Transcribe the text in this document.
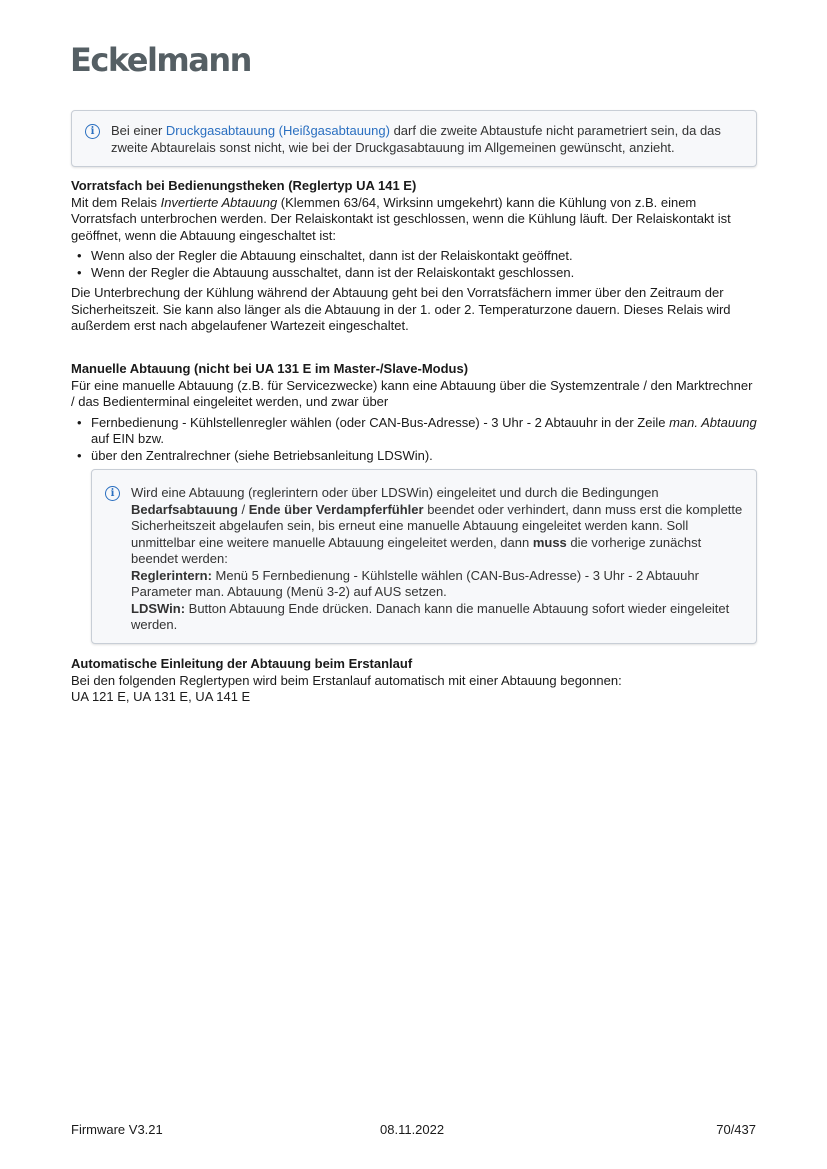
Eckelmann
i	Bei einer Druckgasabtauung (Heißgasabtauung) darf die zweite Abtaustufe nicht parametriert sein, da das zweite Abtaurelais sonst nicht, wie bei der Druckgasabtauung im Allgemeinen gewünscht, anzieht.
Vorratsfach bei Bedienungstheken (Reglertyp UA 141 E)
Mit dem Relais Invertierte Abtauung (Klemmen 63/64, Wirksinn umgekehrt) kann die Kühlung von z.B. einem Vorratsfach unterbrochen werden. Der Relaiskontakt ist geschlossen, wenn die Kühlung läuft. Der Relaiskontakt ist geöffnet, wenn die Abtauung eingeschaltet ist:
• Wenn also der Regler die Abtauung einschaltet, dann ist der Relaiskontakt geöffnet.
• Wenn der Regler die Abtauung ausschaltet, dann ist der Relaiskontakt geschlossen.
Die Unterbrechung der Kühlung während der Abtauung geht bei den Vorratsfächern immer über den Zeitraum der Sicherheitszeit. Sie kann also länger als die Abtauung in der 1. oder 2. Temperaturzone dauern. Dieses Relais wird außerdem erst nach abgelaufener Wartezeit eingeschaltet.
Manuelle Abtauung (nicht bei UA 131 E im Master-/Slave-Modus)
Für eine manuelle Abtauung (z.B. für Servicezwecke) kann eine Abtauung über die Systemzentrale / den Marktrechner / das Bedienterminal eingeleitet werden, und zwar über
• Fernbedienung - Kühlstellenregler wählen (oder CAN-Bus-Adresse) - 3 Uhr - 2 Abtauuhr in der Zeile man. Abtauung auf EIN bzw.
• über den Zentralrechner (siehe Betriebsanleitung LDSWin).
i	Wird eine Abtauung (reglerintern oder über LDSWin) eingeleitet und durch die Bedingungen Bedarfsabtauung / Ende über Verdampferfühler beendet oder verhindert, dann muss erst die komplette Sicherheitszeit abgelaufen sein, bis erneut eine manuelle Abtauung eingeleitet werden kann. Soll unmittelbar eine weitere manuelle Abtauung eingeleitet werden, dann muss die vorherige zunächst beendet werden:
Reglerintern: Menü 5 Fernbedienung - Kühlstelle wählen (CAN-Bus-Adresse) - 3 Uhr - 2 Abtauuhr Parameter man. Abtauung (Menü 3-2) auf AUS setzen.
LDSWin: Button Abtauung Ende drücken. Danach kann die manuelle Abtauung sofort wieder eingeleitet werden.
Automatische Einleitung der Abtauung beim Erstanlauf
Bei den folgenden Reglertypen wird beim Erstanlauf automatisch mit einer Abtauung begonnen:
UA 121 E, UA 131 E, UA 141 E
Firmware V3.21	08.11.2022	70/437
